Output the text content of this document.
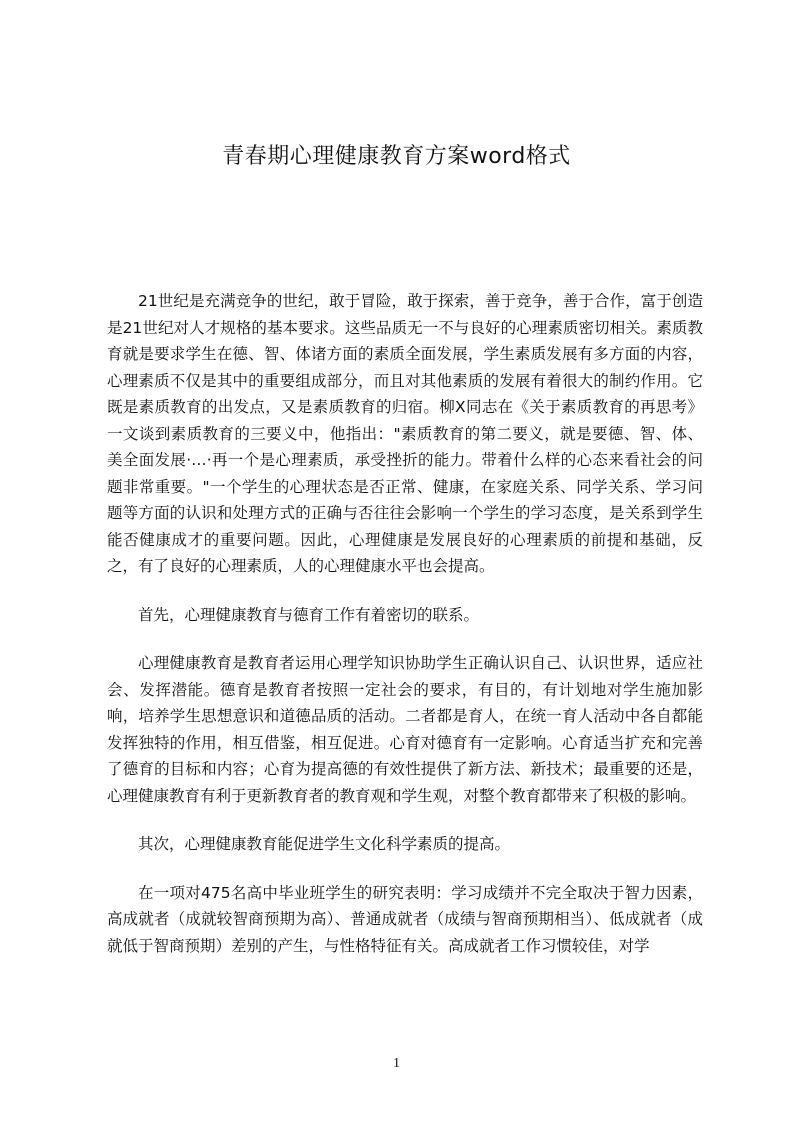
青春期心理健康教育方案word格式

21世纪是充满竞争的世纪，敢于冒险，敢于探索，善于竞争，善于合作，富于创造是21世纪对人才规格的基本要求。这些品质无一不与良好的心理素质密切相关。素质教育就是要求学生在德、智、体诸方面的素质全面发展，学生素质发展有多方面的内容，心理素质不仅是其中的重要组成部分，而且对其他素质的发展有着很大的制约作用。它既是素质教育的出发点，又是素质教育的归宿。柳X同志在《关于素质教育的再思考》一文谈到素质教育的三要义中，他指出："素质教育的第二要义，就是要德、智、体、美全面发展·…·再一个是心理素质，承受挫折的能力。带着什么样的心态来看社会的问题非常重要。"一个学生的心理状态是否正常、健康，在家庭关系、同学关系、学习问题等方面的认识和处理方式的正确与否往往会影响一个学生的学习态度，是关系到学生能否健康成才的重要问题。因此，心理健康是发展良好的心理素质的前提和基础，反之，有了良好的心理素质，人的心理健康水平也会提高。

首先，心理健康教育与德育工作有着密切的联系。

心理健康教育是教育者运用心理学知识协助学生正确认识自己、认识世界，适应社会、发挥潜能。德育是教育者按照一定社会的要求，有目的，有计划地对学生施加影响，培养学生思想意识和道德品质的活动。二者都是育人，在统一育人活动中各自都能发挥独特的作用，相互借鉴，相互促进。心育对德育有一定影响。心育适当扩充和完善了德育的目标和内容；心育为提高德的有效性提供了新方法、新技术；最重要的还是，心理健康教育有利于更新教育者的教育观和学生观，对整个教育都带来了积极的影响。

其次，心理健康教育能促进学生文化科学素质的提高。

在一项对475名高中毕业班学生的研究表明：学习成绩并不完全取决于智力因素，高成就者（成就较智商预期为高）、普通成就者（成绩与智商预期相当）、低成就者（成就低于智商预期）差别的产生，与性格特征有关。高成就者工作习惯较佳，对学

1
